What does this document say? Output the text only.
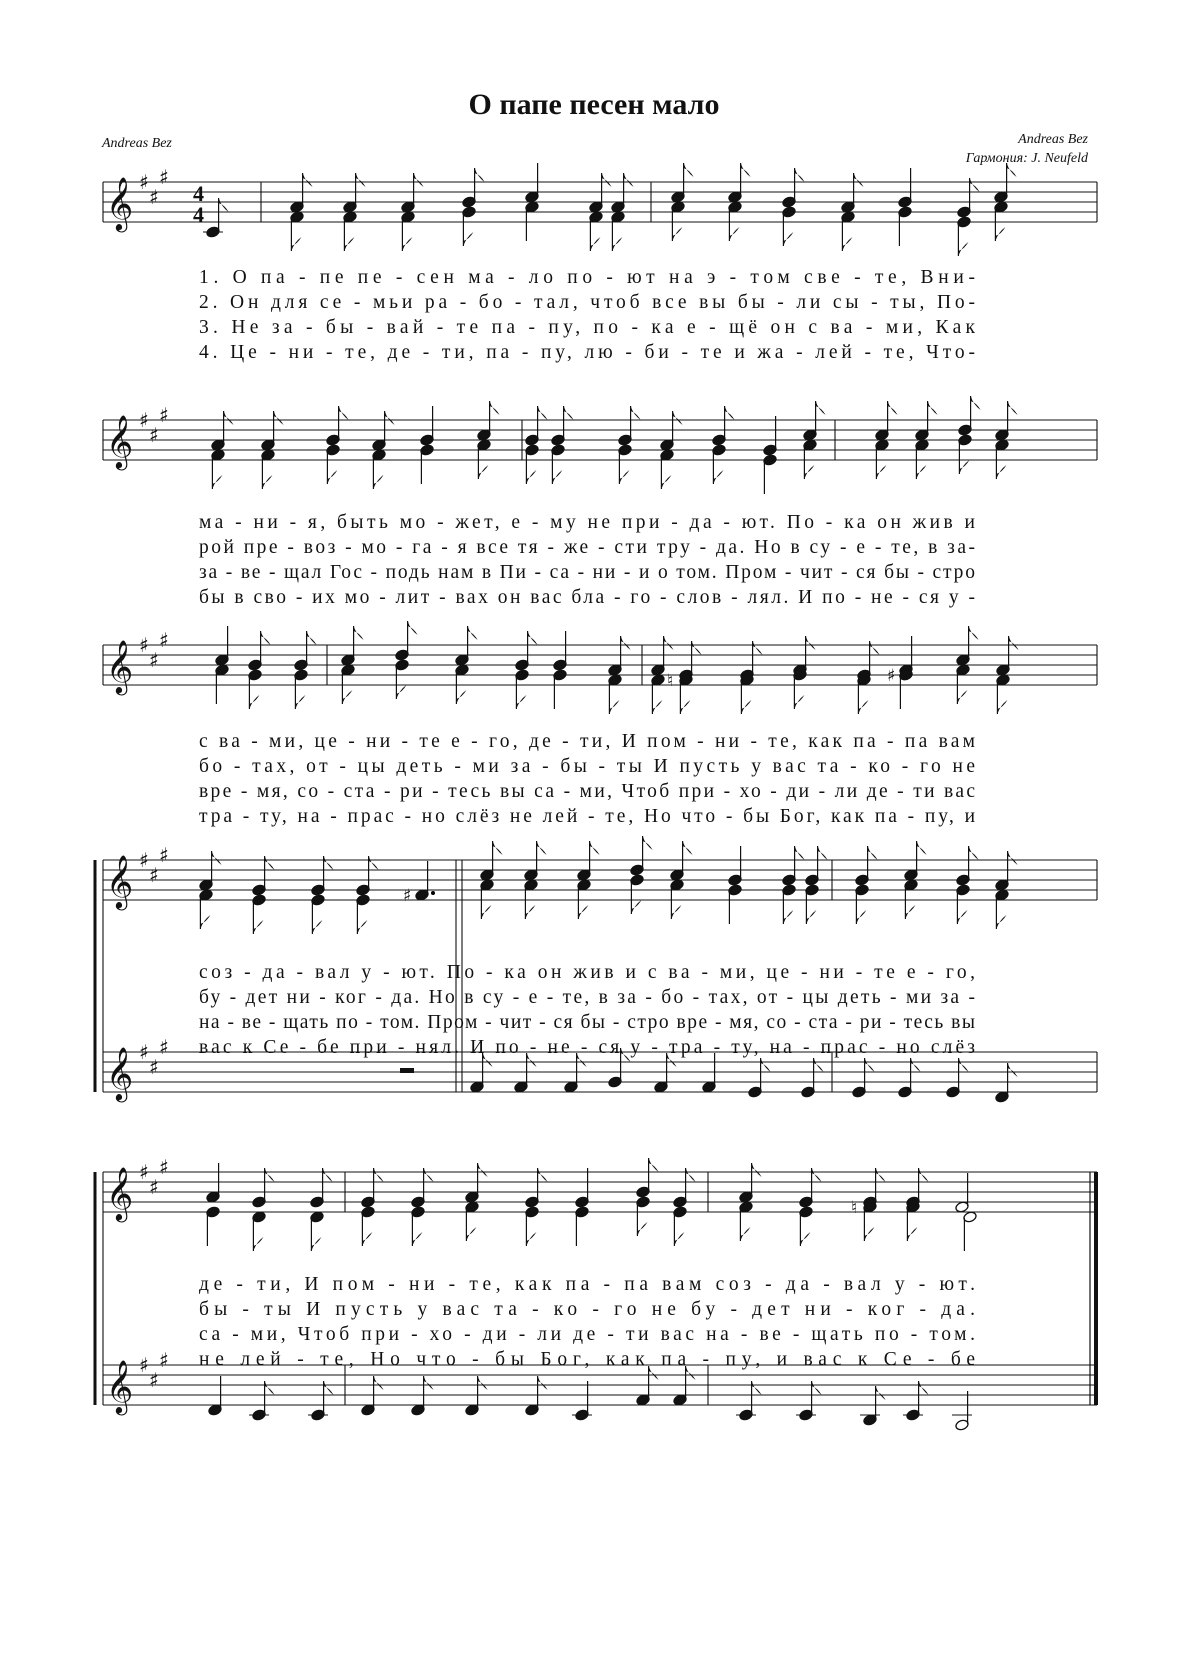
О папе песен мало
Andreas Bez	Andreas Bez
Гармония: J. Neufeld
𝄞 ♯
♯
♯
4
4
𝄞 ♯
♯
♯
𝄞 ♯
♯
♯
♮	♯
𝄞 ♯
♯
♯
𝄞 ♯
♯
♯
♯
𝄞 ♯
♯
♯
𝄞 ♯
♯
♯
♮
1. О па - пе пе - сен ма - ло по - ют на э - том све - те, Вни-
2. Он для се - мьи ра - бо - тал, чтоб все вы бы - ли сы - ты, По-
3. Не за - бы - вай - те па - пу, по - ка е - щё он с ва - ми, Как
4. Це - ни - те, де - ти, па - пу, лю - би - те и жа - лей - те, Что-
ма - ни - я, быть мо - жет, е - му не при - да - ют. По - ка он жив и
рой пре - воз - мо - га - я все тя - же - сти тру - да. Но в су - е - те, в за-
за - ве - щал Гос - подь нам в Пи - са - ни - и о том. Пром - чит - ся бы - стро
бы в сво - их мо - лит - вах он вас бла - го - слов - лял. И по - не - ся у -
с ва - ми, це - ни - те е - го, де - ти, И пом - ни - те, как па - па вам
бо - тах, от - цы деть - ми за - бы - ты И пусть у вас та - ко - го не
вре - мя, со - ста - ри - тесь вы са - ми, Чтоб при - хо - ди - ли де - ти вас
тра - ту, на - прас - но слёз не лей - те, Но что - бы Бог, как па - пу, и
соз - да - вал у - ют. По - ка он жив и с ва - ми, це - ни - те е - го,
бу - дет ни - ког - да. Но в су - е - те, в за - бо - тах, от - цы деть - ми за -
на - ве - щать по - том. Пром - чит - ся бы - стро вре - мя, со - ста - ри - тесь вы
вас к Се - бе при - нял. И по - не - ся у - тра - ту, на - прас - но слёз
де - ти, И пом - ни - те, как па - па вам соз - да - вал у - ют.
бы - ты И пусть у вас та - ко - го не бу - дет ни - ког - да.
са - ми, Чтоб при - хо - ди - ли де - ти вас на - ве - щать по - том.
не лей - те, Но что - бы Бог, как па - пу, и вас к Се - бе
